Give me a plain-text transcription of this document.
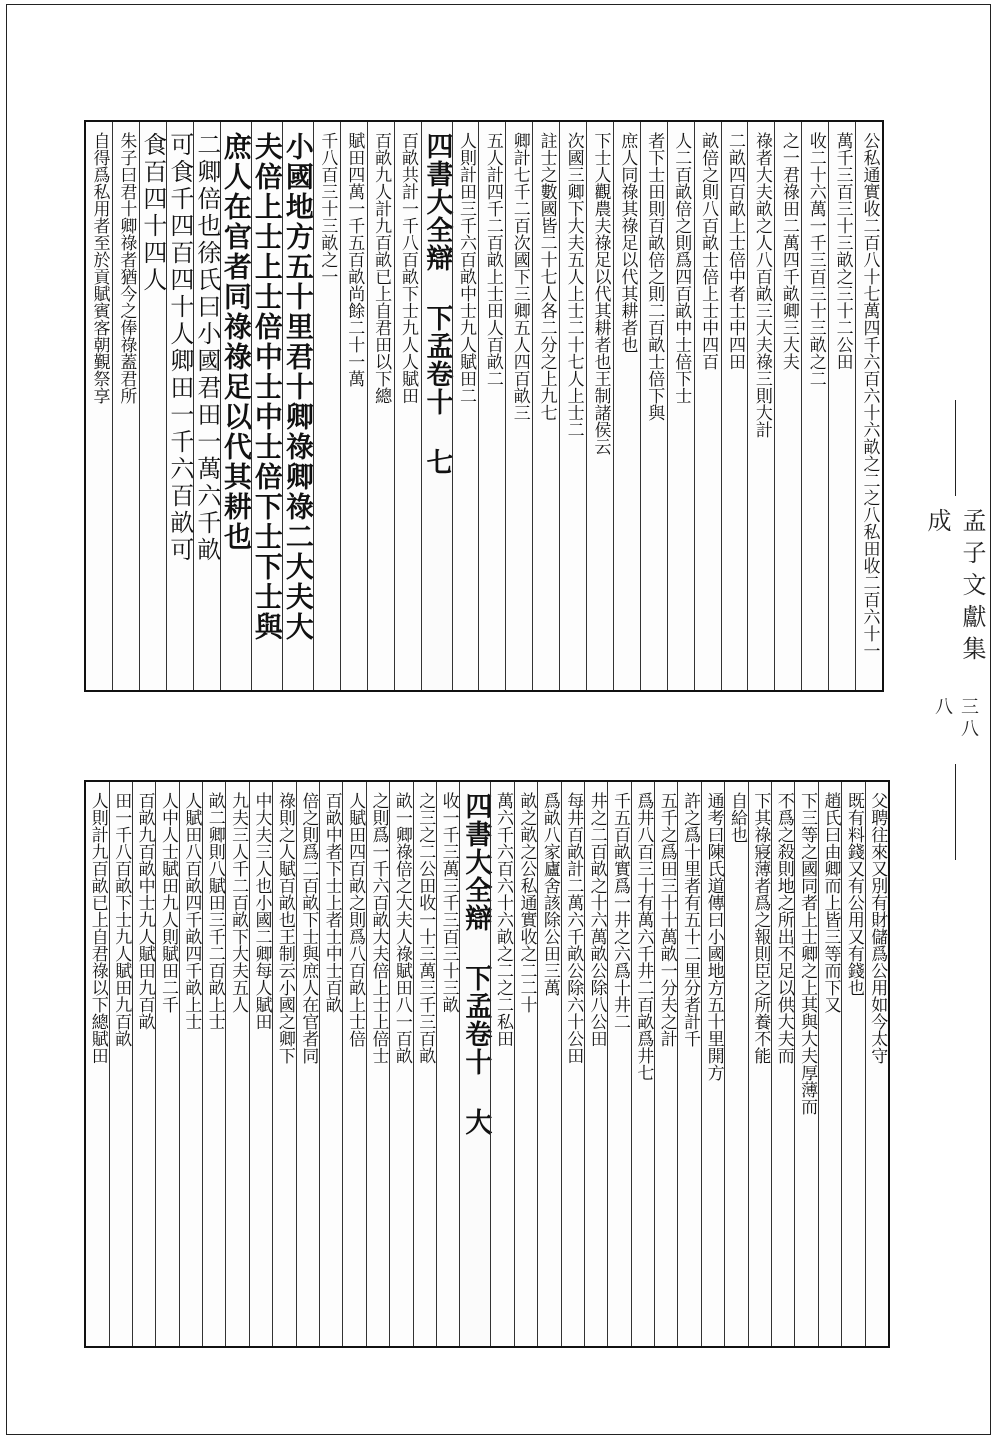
公私通實收二百八十七萬四千六百六十六畝之二之八私田收二百六十一
萬千三百三十三畝之三十二公田
收二十六萬一千三百三十三畝之二
之一君祿田二萬四千畝卿三大夫
祿者大夫畝之人八百畝三大夫祿三則大計
二畝四百畝上士倍中者士中四田
畝倍之則八百畝士倍上士中四百
人二百畝倍之則爲四百畝中士倍下士
者下士田則百畝倍之則二百畝士倍下與
庶人同祿其祿足以代其耕者也
下士人觀農夫祿足以代其耕者也王制諸侯云
次國三卿下大夫五人上士二十七人上士二
註士之數國皆二十七人各二分之上九七
卿計七千二百次國下三卿五人四百畝三
五人計四千二百畝上士田人百畝二
人則計田三千六百畝中士九人賦田二
四書大全辯 下孟卷十 七
百畝共計一千八百畝下士九人人賦田
百畝九人計九百畝已上自君田以下總
賦田四萬一千五百畝尚餘二十一萬
千八百三十三畝之一
小國地方五十里君十卿祿卿祿二大夫大
夫倍上士上士倍中士中士倍下士下士與
庶人在官者同祿祿足以代其耕也
二卿倍也徐氏曰小國君田一萬六千畝
可食千四百四十人卿田一千六百畝可
食百四十四人
朱子曰君十卿祿者猶今之俸祿蓋君所
自得爲私用者至於貢賦賓客朝覲祭享
父聘往來又別有財儲爲公用如今太守
既有料錢又有公用又有錢也
趙氏曰由卿而上皆三等而下又
下三等之國同者上士卿之上其與大夫厚薄而
不爲之殺則地之所出不足以供大夫而
下其祿寢薄者爲之報則臣之所養不能
自給也
通考曰陳氏道傳曰小國地方五十里開方
許之爲十里者有五十二里分者計千
五千之爲田三十十萬畝一分夫之計
爲井八百三十有萬六千井二百畝爲井七
千五百畝實爲一井之六爲十井二
井之二百畝之十六萬畝公除八公田
每井百畝計二萬六千畝公除六十公田
爲畝八家廬舍該除公田三萬
畝之畝之公私通實收之二二十
萬六千六百六十六畝之二之二私田
四書大全辯 下孟卷十 大
收一千三萬三千三百三十三畝
之三之二公田收一十三萬三千三百畝
畝一卿祿倍之大夫人祿賦田八一百畝
之則爲一千六百畝大夫倍上士上倍士
人賦田四百畝之則爲八百畝上士倍
百畝中者下士上者士中士百畝
倍之則爲二百畝下士與庶人在官者同
祿則之人賦百畝也王制云小國之卿下
中大夫三人也小國二卿每人賦田
九夫三人千二百畝下大夫五人
畝二卿則八賦田三千二百畝上士
人賦田八百畝四千畝四千畝上士
人中人士賦田九人則賦田二千
百畝九百畝中士九人賦田九百畝
田一千八百畝下士九人賦田九百畝
人則計九百畝已上自君祿以下總賦田
孟子文獻集成
三八八
